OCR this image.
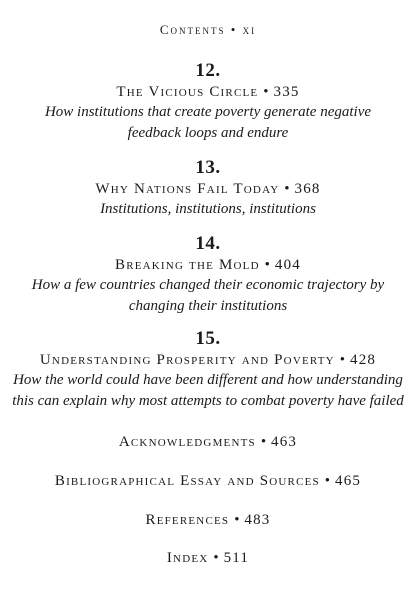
Contents • xi
12.
The Vicious Circle • 335
How institutions that create poverty generate negative
feedback loops and endure
13.
Why Nations Fail Today • 368
Institutions, institutions, institutions
14.
Breaking the Mold • 404
How a few countries changed their economic trajectory by
changing their institutions
15.
Understanding Prosperity and Poverty • 428
How the world could have been different and how understanding
this can explain why most attempts to combat poverty have failed
Acknowledgments • 463
Bibliographical Essay and Sources • 465
References • 483
Index • 511
